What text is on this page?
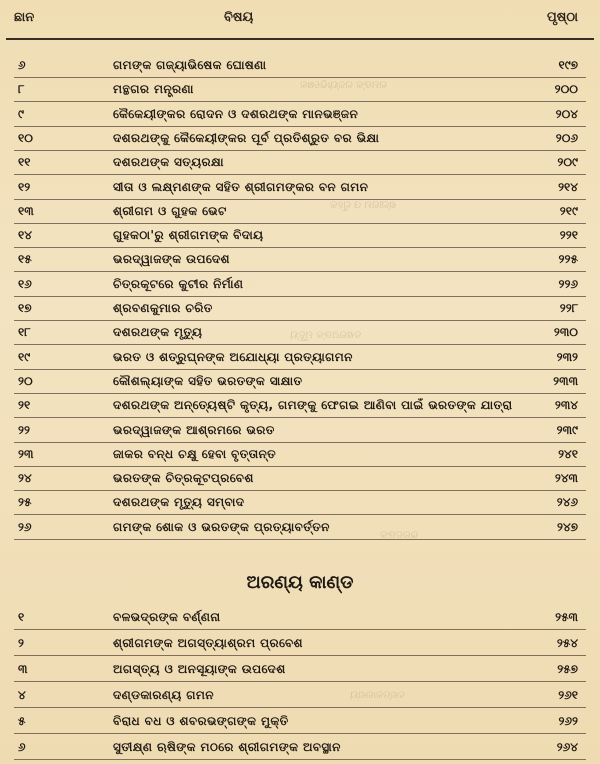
ଛାନ	ବିଷୟ	ପୃଷ୍ଠା
୬	ଗମଙ୍କ ଗଜ୍ୟାଭିଷେକ ଘୋଷଣା	୧୯୭
୮	ମନ୍ଥଗର ମନ୍ତ୍ରଣା	୨୦୦
୯	କୈକେୟୀଙ୍କର ରୋଦନ ଓ ଦଶରଥଙ୍କ ମାନଭଞ୍ଜନ	୨୦୪
୧୦	ଦଶରଥଙ୍କୁ କୈକେୟୀଙ୍କର ପୂର୍ବ ପ୍ରତିଶ୍ରୁତ ବର ଭିକ୍ଷା	୨୦୬
୧୧	ଦଶରଥଙ୍କ ସତ୍ୟରକ୍ଷା	୨୦୯
୧୨	ସୀତା ଓ ଲକ୍ଷ୍ମଣଙ୍କ ସହିତ ଶ୍ରୀଗମଙ୍କର ବନ ଗମନ	୨୧୪
୧୩	ଶ୍ରୀଗମ ଓ ଗୁହକ ଭେଟ	୨୧୯
୧୪	ଗୁହକଠା'ରୁ ଶ୍ରୀଗମଙ୍କ ବିଦାୟ	୨୨୧
୧୫	ଭରଦ୍ୱାଜଙ୍କ ଉପଦେଶ	୨୨୫
୧୬	ଚିତ୍ରକୂଟରେ କୁଟୀର ନିର୍ମାଣ	୨୨୬
୧୭	ଶ୍ରବଣକୁମାର ଚରିତ	୨୨୮
୧୮	ଦଶରଥଙ୍କ ମୃତ୍ୟୁ	୨୩୦
୧୯	ଭରତ ଓ ଶତ୍ରୁଘ୍ନଙ୍କ ଅଯୋଧ୍ୟା ପ୍ରତ୍ୟାଗମନ	୨୩୨
୨୦	କୌଶଲ୍ୟାଙ୍କ ସହିତ ଭରତଙ୍କ ସାକ୍ଷାତ	୨୩୩
୨୧	ଦଶରଥଙ୍କ ଅନ୍ତ୍ୟେଷ୍ଟି କୃତ୍ୟ, ଗମଙ୍କୁ ଫେଗଇ ଆଣିବା ପାଇଁ ଭରତଙ୍କ ଯାତ୍ରା	୨୩୪
୨୨	ଭରଦ୍ୱାଜଙ୍କ ଆଶ୍ରମରେ ଭରତ	୨୩୯
୨୩	ଜାକର ବନ୍ଧ ଚକ୍ଷୁ ହେବା ବୃତ୍ତାନ୍ତ	୨୪୧
୨୪	ଭରତଙ୍କ ଚିତ୍ରକୂଟପ୍ରବେଶ	୨୪୩
୨୫	ଦଶରଥଙ୍କ ମୃତ୍ୟୁ ସମ୍ବାଦ	୨୪୬
୨୬	ଗମଙ୍କ ଶୋକ ଓ ଭରତଙ୍କ ପ୍ରତ୍ୟାବର୍ତ୍ତନ	୨୪୭
ଅରଣ୍ୟ କାଣ୍ଡ
୧	ବଳଭଦ୍ରଙ୍କ ବର୍ଣ୍ଣନା	୨୫୩
୨	ଶ୍ରୀଗମଙ୍କ ଅଗସ୍ତ୍ୟାଶ୍ରମ ପ୍ରବେଶ	୨୫୪
୩	ଅଗସ୍ତ୍ୟ ଓ ଅନସୂୟାଙ୍କ ଉପଦେଶ	୨୫୭
୪	ଦଣ୍ଡକାରଣ୍ୟ ଗମନ	୨୬୧
୫	ବିରାଧ ବଧ ଓ ଶବରଭଙ୍ଗଙ୍କ ମୁକ୍ତି	୨୬୨
୬	ସୁତୀକ୍ଷ୍ଣ ଋଷିଙ୍କ ମଠରେ ଶ୍ରୀଗମଙ୍କ ଅବସ୍ଥାନ	୨୬୪
ଗମଙ୍କ ଗଜ୍ୟାଭିଷେକ
ଶ୍ରୀଗମ ଓ ଗୁହକ
ଦଶରଥଙ୍କ ମୃତ୍ୟୁ
ଭରତଙ୍କ
ଦଣ୍ଡକାରଣ୍ୟ
